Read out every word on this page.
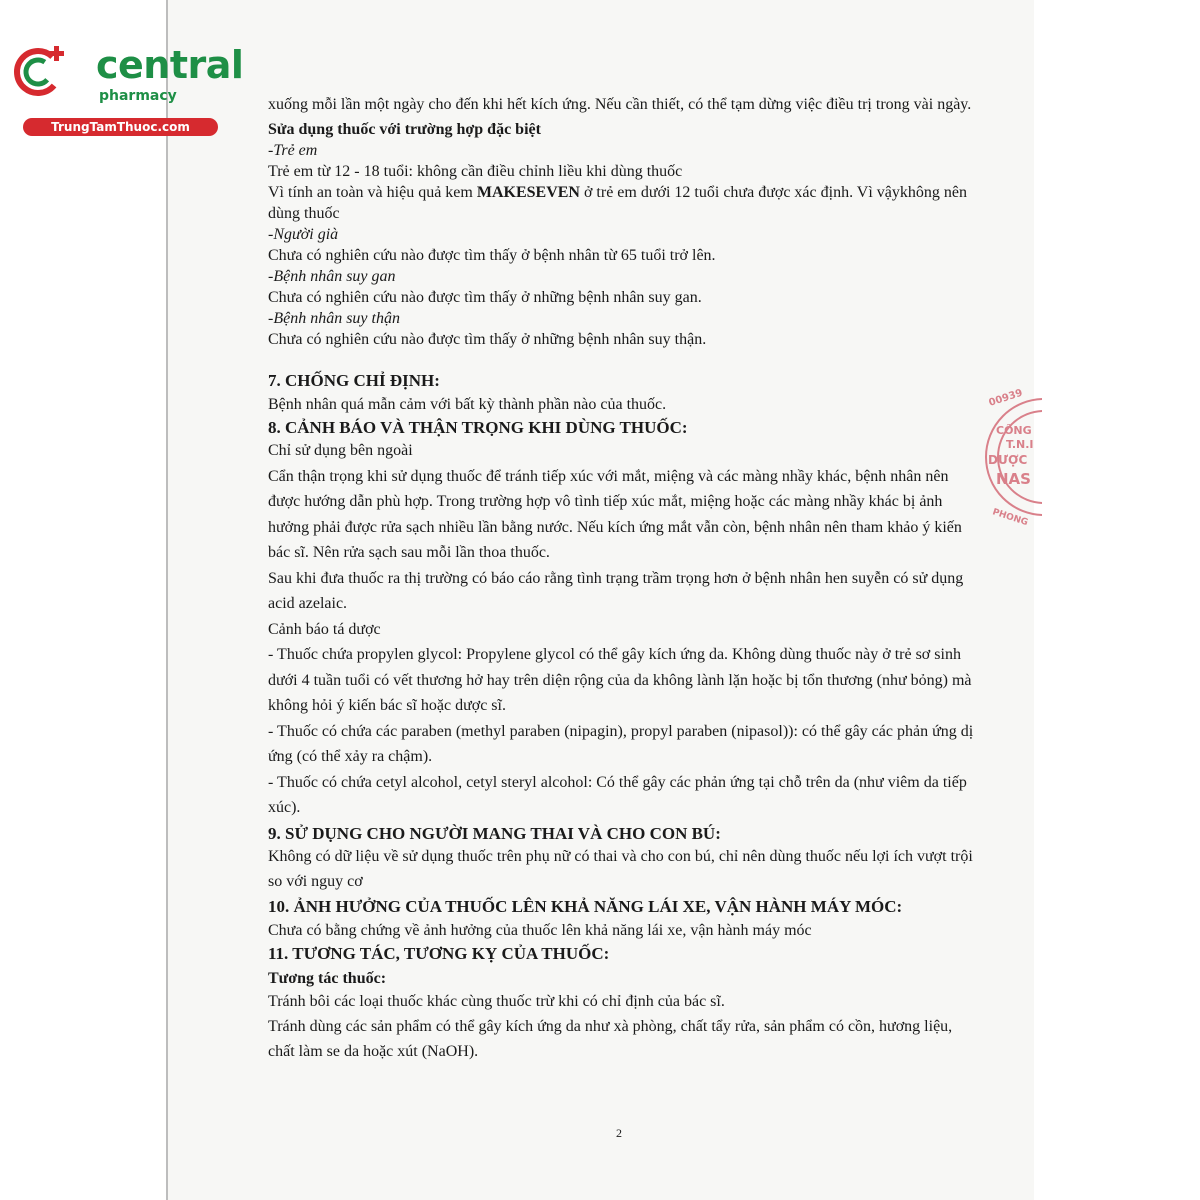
central
pharmacy
TrungTamThuoc.com
00939
CÔNG
T.N.I
DƯỢC
NAS
PHONG

xuống mỗi lần một ngày cho đến khi hết kích ứng. Nếu cần thiết, có thể tạm dừng việc điều trị trong vài ngày.

Sửa dụng thuốc với trường hợp đặc biệt

-Trẻ em

Trẻ em từ 12 - 18 tuổi: không cần điều chỉnh liều khi dùng thuốc

Vì tính an toàn và hiệu quả kem MAKESEVEN ở trẻ em dưới 12 tuổi chưa được xác định. Vì vậykhông nên dùng thuốc

-Người già

Chưa có nghiên cứu nào được tìm thấy ở bệnh nhân từ 65 tuổi trở lên.

-Bệnh nhân suy gan

Chưa có nghiên cứu nào được tìm thấy ở những bệnh nhân suy gan.

-Bệnh nhân suy thận

Chưa có nghiên cứu nào được tìm thấy ở những bệnh nhân suy thận.

7. CHỐNG CHỈ ĐỊNH:

Bệnh nhân quá mẫn cảm với bất kỳ thành phần nào của thuốc.

8. CẢNH BÁO VÀ THẬN TRỌNG KHI DÙNG THUỐC:

Chỉ sử dụng bên ngoài

Cẩn thận trọng khi sử dụng thuốc để tránh tiếp xúc với mắt, miệng và các màng nhầy khác, bệnh nhân nên được hướng dẫn phù hợp. Trong trường hợp vô tình tiếp xúc mắt, miệng hoặc các màng nhầy khác bị ảnh hưởng phải được rửa sạch nhiều lần bằng nước. Nếu kích ứng mắt vẫn còn, bệnh nhân nên tham khảo ý kiến bác sĩ. Nên rửa sạch sau mỗi lần thoa thuốc.

Sau khi đưa thuốc ra thị trường có báo cáo rằng tình trạng trầm trọng hơn ở bệnh nhân hen suyễn có sử dụng acid azelaic.

Cảnh báo tá dược

- Thuốc chứa propylen glycol: Propylene glycol có thể gây kích ứng da. Không dùng thuốc này ở trẻ sơ sinh dưới 4 tuần tuổi có vết thương hở hay trên diện rộng của da không lành lặn hoặc bị tổn thương (như bỏng) mà không hỏi ý kiến bác sĩ hoặc dược sĩ.

- Thuốc có chứa các paraben (methyl paraben (nipagin), propyl paraben (nipasol)): có thể gây các phản ứng dị ứng (có thể xảy ra chậm).

- Thuốc có chứa cetyl alcohol, cetyl steryl alcohol: Có thể gây các phản ứng tại chỗ trên da (như viêm da tiếp xúc).

9. SỬ DỤNG CHO NGƯỜI MANG THAI VÀ CHO CON BÚ:

Không có dữ liệu về sử dụng thuốc trên phụ nữ có thai và cho con bú, chỉ nên dùng thuốc nếu lợi ích vượt trội so với nguy cơ

10. ẢNH HƯỞNG CỦA THUỐC LÊN KHẢ NĂNG LÁI XE, VẬN HÀNH MÁY MÓC:

Chưa có bằng chứng về ảnh hưởng của thuốc lên khả năng lái xe, vận hành máy móc

11. TƯƠNG TÁC, TƯƠNG KỴ CỦA THUỐC:

Tương tác thuốc:

Tránh bôi các loại thuốc khác cùng thuốc trừ khi có chỉ định của bác sĩ.

Tránh dùng các sản phẩm có thể gây kích ứng da như xà phòng, chất tẩy rửa, sản phẩm có cồn, hương liệu, chất làm se da hoặc xút (NaOH).

2
